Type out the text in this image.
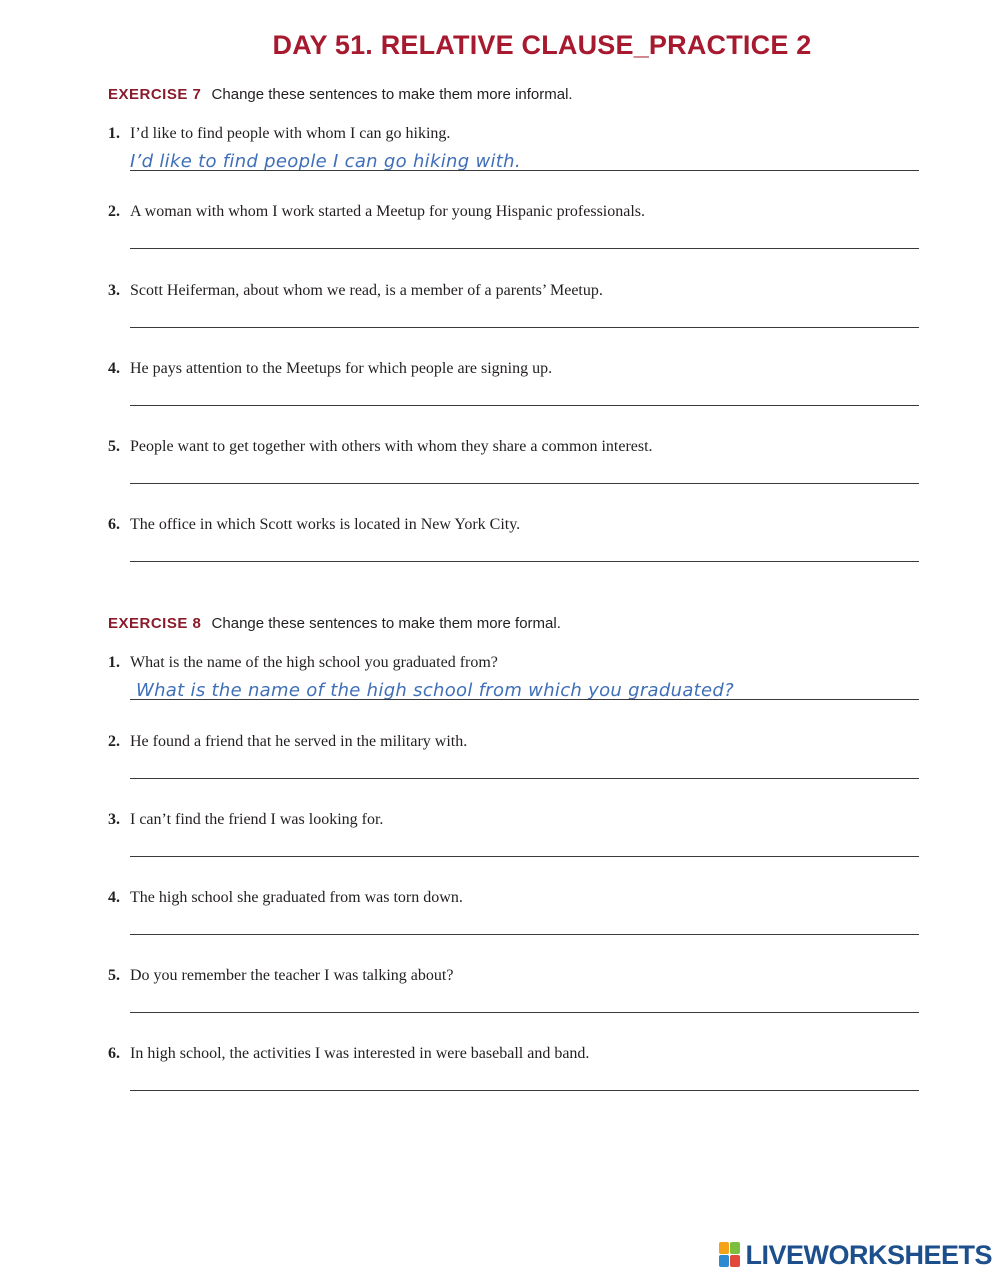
DAY 51. RELATIVE CLAUSE_PRACTICE 2
EXERCISE 7 Change these sentences to make them more informal.
1. I’d like to find people with whom I can go hiking.
I’d like to find people I can go hiking with.
2. A woman with whom I work started a Meetup for young Hispanic professionals.
3. Scott Heiferman, about whom we read, is a member of a parents’ Meetup.
4. He pays attention to the Meetups for which people are signing up.
5. People want to get together with others with whom they share a common interest.
6. The office in which Scott works is located in New York City.
EXERCISE 8 Change these sentences to make them more formal.
1. What is the name of the high school you graduated from?
What is the name of the high school from which you graduated?
2. He found a friend that he served in the military with.
3. I can’t find the friend I was looking for.
4. The high school she graduated from was torn down.
5. Do you remember the teacher I was talking about?
6. In high school, the activities I was interested in were baseball and band.
LIVEWORKSHEETS
